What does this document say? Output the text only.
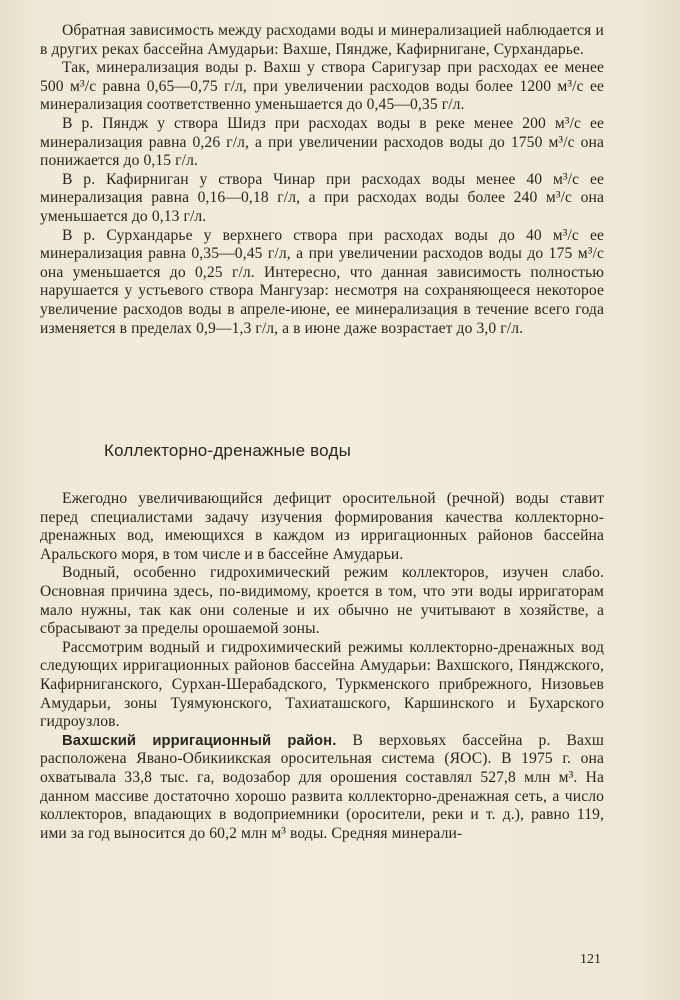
Обратная зависимость между расходами воды и минерализацией наблюдается и в других реках бассейна Амударьи: Вахше, Пяндже, Кафирнигане, Сурхандарье.

Так, минерализация воды р. Вахш у створа Саригузар при расходах ее менее 500 м³/с равна 0,65—0,75 г/л, при увеличении расходов воды более 1200 м³/с ее минерализация соответственно уменьшается до 0,45—0,35 г/л.

В р. Пяндж у створа Шидз при расходах воды в реке менее 200 м³/с ее минерализация равна 0,26 г/л, а при увеличении расходов воды до 1750 м³/с она понижается до 0,15 г/л.

В р. Кафирниган у створа Чинар при расходах воды менее 40 м³/с ее минерализация равна 0,16—0,18 г/л, а при расходах воды более 240 м³/с она уменьшается до 0,13 г/л.

В р. Сурхандарье у верхнего створа при расходах воды до 40 м³/с ее минерализация равна 0,35—0,45 г/л, а при увеличении расходов воды до 175 м³/с она уменьшается до 0,25 г/л. Интересно, что данная зависимость полностью нарушается у устьевого створа Мангузар: несмотря на сохраняющееся некоторое увеличение расходов воды в апреле-июне, ее минерализация в течение всего года изменяется в пределах 0,9—1,3 г/л, а в июне даже возрастает до 3,0 г/л.

Коллекторно-дренажные воды

Ежегодно увеличивающийся дефицит оросительной (речной) воды ставит перед специалистами задачу изучения формирования качества коллекторно-дренажных вод, имеющихся в каждом из ирригационных районов бассейна Аральского моря, в том числе и в бассейне Амударьи.

Водный, особенно гидрохимический режим коллекторов, изучен слабо. Основная причина здесь, по-видимому, кроется в том, что эти воды ирригаторам мало нужны, так как они соленые и их обычно не учитывают в хозяйстве, а сбрасывают за пределы орошаемой зоны.

Рассмотрим водный и гидрохимический режимы коллекторно-дренажных вод следующих ирригационных районов бассейна Амударьи: Вахшского, Пянджского, Кафирниганского, Сурхан-Шерабадского, Туркменского прибрежного, Низовьев Амударьи, зоны Туямуюнского, Тахиаташского, Каршинского и Бухарского гидроузлов.

Вахшский ирригационный район. В верховьях бассейна р. Вахш расположена Явано-Обикиикская оросительная система (ЯОС). В 1975 г. она охватывала 33,8 тыс. га, водозабор для орошения составлял 527,8 млн м³. На данном массиве достаточно хорошо развита коллекторно-дренажная сеть, а число коллекторов, впадающих в водоприемники (оросители, реки и т. д.), равно 119, ими за год выносится до 60,2 млн м³ воды. Средняя минерали-

121
